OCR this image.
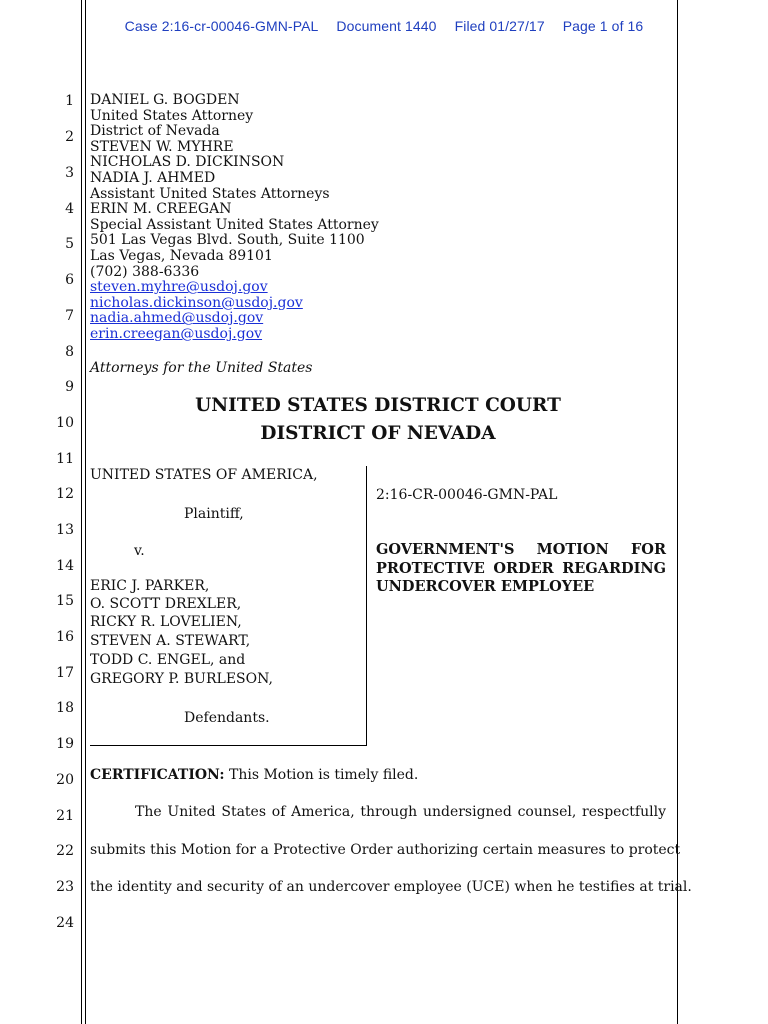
Case 2:16-cr-00046-GMN-PAL Document 1440 Filed 01/27/17 Page 1 of 16
1
2
3
4
5
6
7
8
9
10
11
12
13
14
15
16
17
18
19
20
21
22
23
24
DANIEL G. BOGDEN
United States Attorney
District of Nevada
STEVEN W. MYHRE
NICHOLAS D. DICKINSON
NADIA J. AHMED
Assistant United States Attorneys
ERIN M. CREEGAN
Special Assistant United States Attorney
501 Las Vegas Blvd. South, Suite 1100
Las Vegas, Nevada 89101
(702) 388-6336
steven.myhre@usdoj.gov
nicholas.dickinson@usdoj.gov
nadia.ahmed@usdoj.gov
erin.creegan@usdoj.gov
Attorneys for the United States
UNITED STATES DISTRICT COURT
DISTRICT OF NEVADA
UNITED STATES OF AMERICA,
Plaintiff,
v.
ERIC J. PARKER,
O. SCOTT DREXLER,
RICKY R. LOVELIEN,
STEVEN A. STEWART,
TODD C. ENGEL, and
GREGORY P. BURLESON,
Defendants.
2:16-CR-00046-GMN-PAL
GOVERNMENT'S MOTION FOR PROTECTIVE ORDER REGARDING UNDERCOVER EMPLOYEE
CERTIFICATION: This Motion is timely filed.
The United States of America, through undersigned counsel, respectfully
submits this Motion for a Protective Order authorizing certain measures to protect
the identity and security of an undercover employee (UCE) when he testifies at trial.
